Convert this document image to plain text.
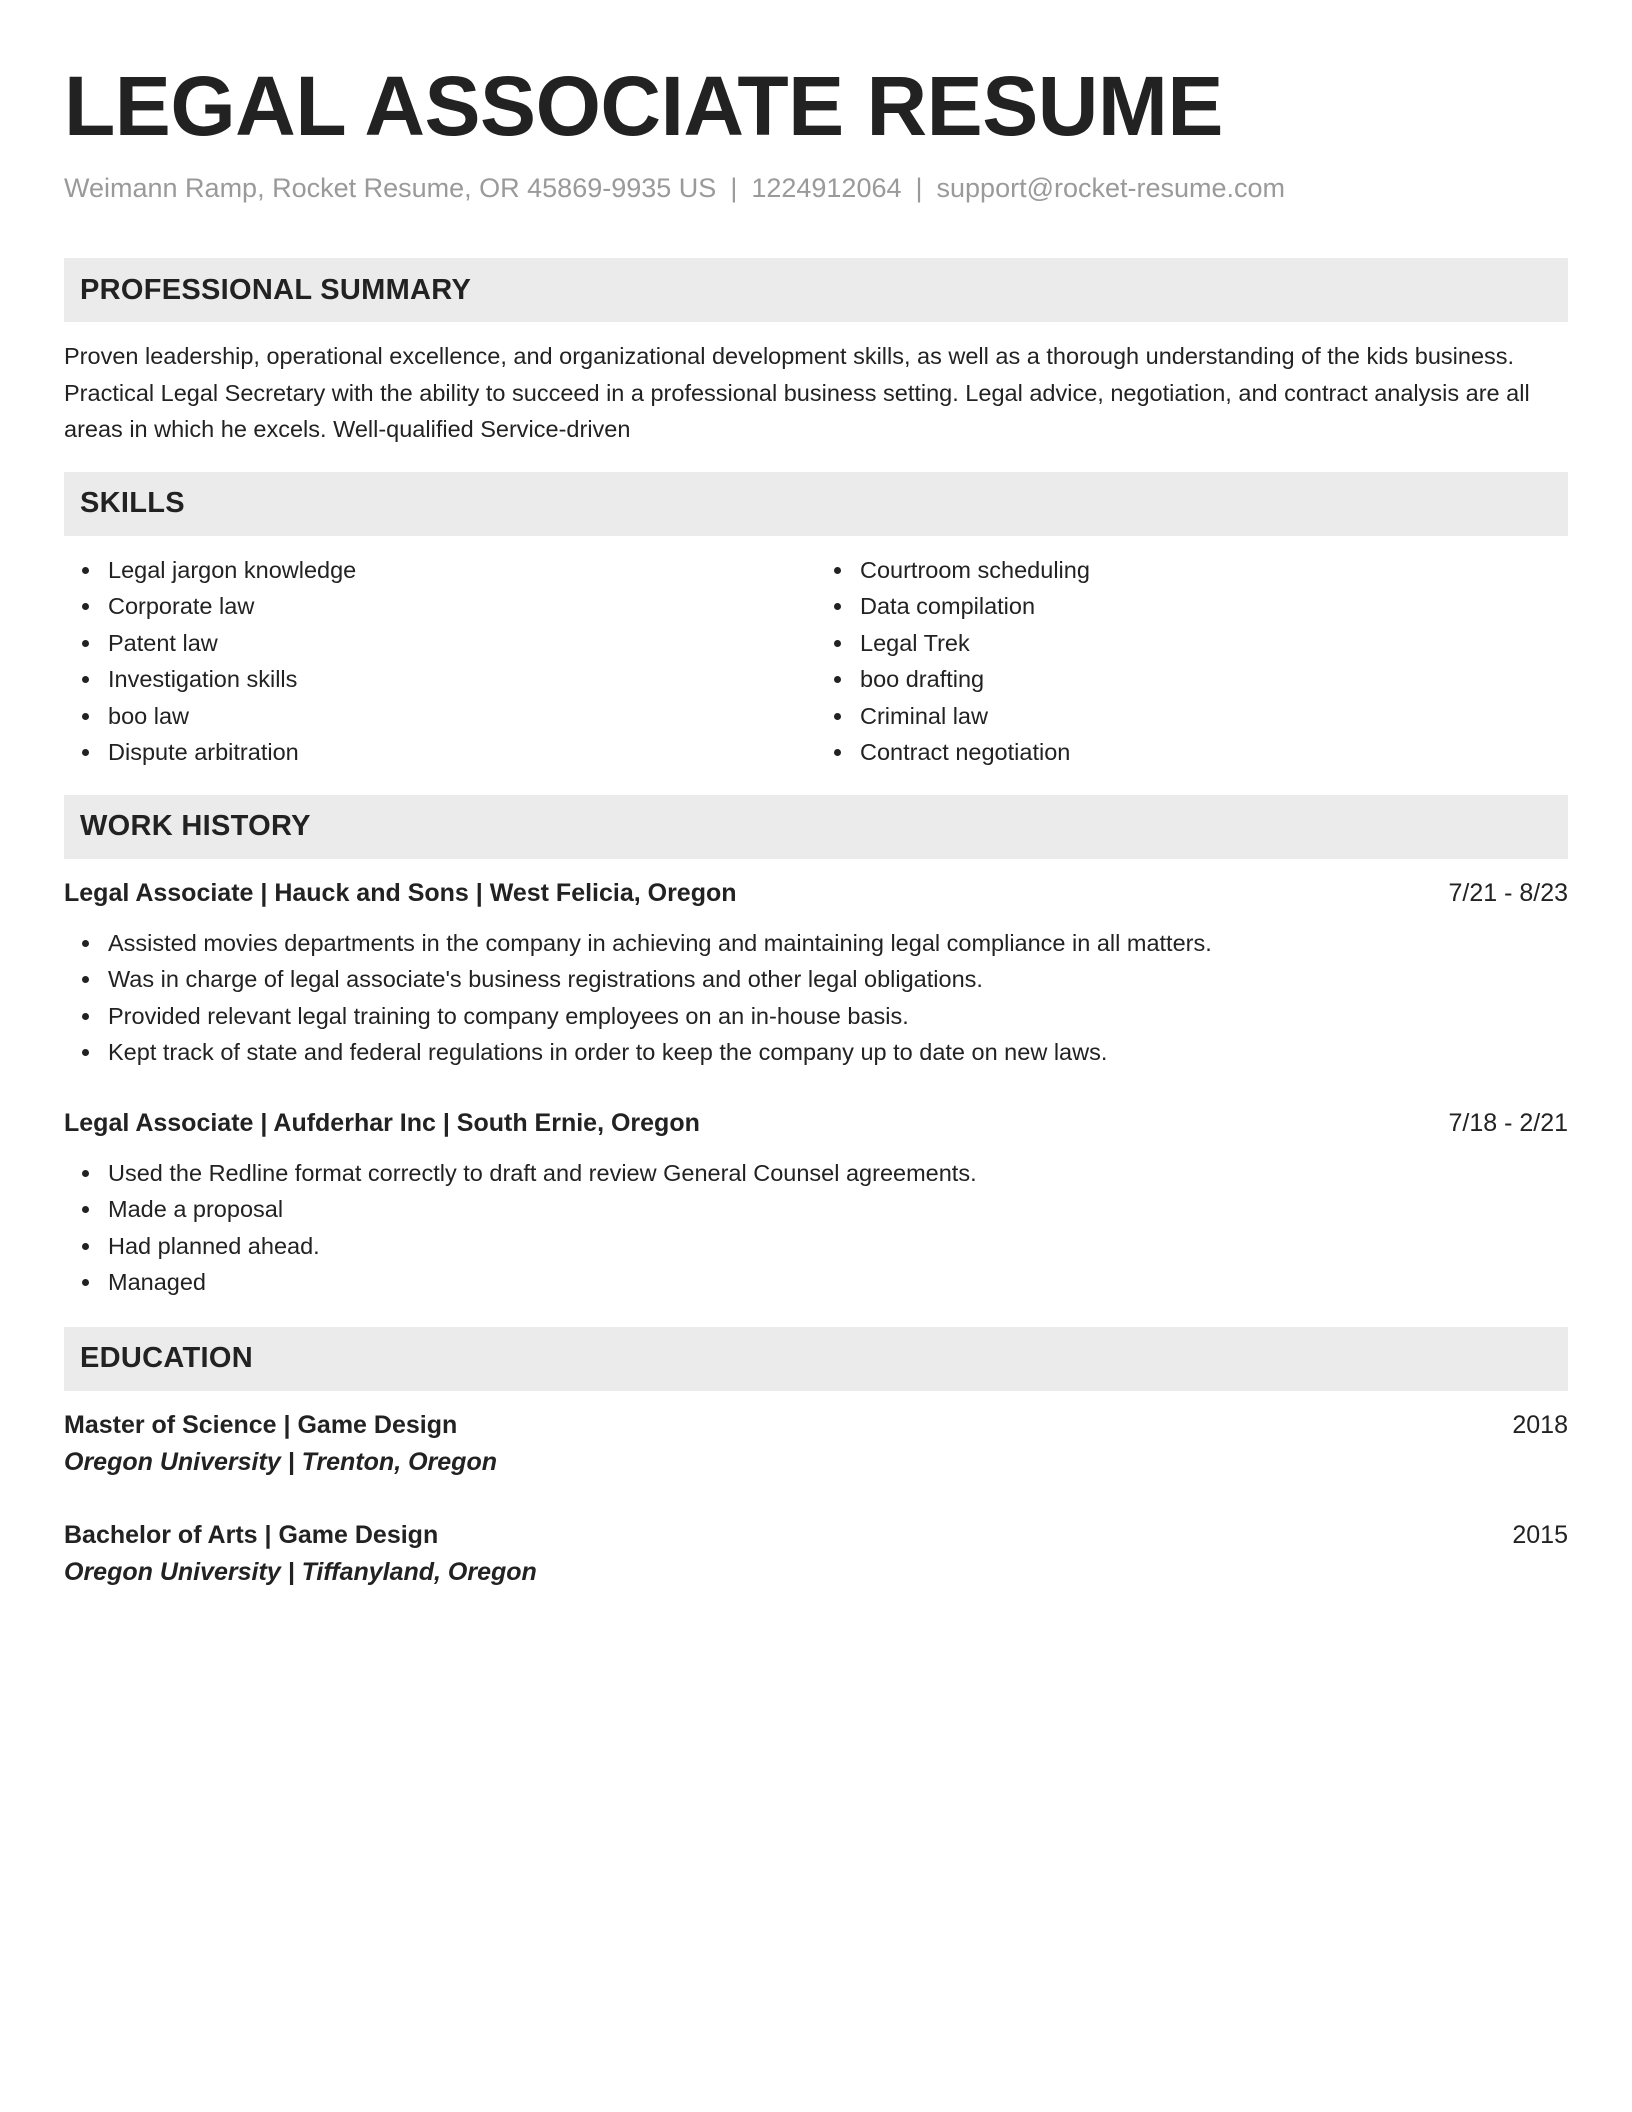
LEGAL ASSOCIATE RESUME
Weimann Ramp, Rocket Resume, OR 45869-9935 US | 1224912064 | support@rocket-resume.com
PROFESSIONAL SUMMARY

Proven leadership, operational excellence, and organizational development skills, as well as a thorough understanding of the kids business. Practical Legal Secretary with the ability to succeed in a professional business setting. Legal advice, negotiation, and contract analysis are all areas in which he excels. Well-qualified Service-driven

SKILLS
Legal jargon knowledge
Corporate law
Patent law
Investigation skills
boo law
Dispute arbitration
Courtroom scheduling
Data compilation
Legal Trek
boo drafting
Criminal law
Contract negotiation
WORK HISTORY
Legal Associate | Hauck and Sons | West Felicia, Oregon	7/21 - 8/23
Assisted movies departments in the company in achieving and maintaining legal compliance in all matters.
Was in charge of legal associate's business registrations and other legal obligations.
Provided relevant legal training to company employees on an in-house basis.
Kept track of state and federal regulations in order to keep the company up to date on new laws.
Legal Associate | Aufderhar Inc | South Ernie, Oregon	7/18 - 2/21
Used the Redline format correctly to draft and review General Counsel agreements.
Made a proposal
Had planned ahead.
Managed
EDUCATION
Master of Science | Game Design	2018
Oregon University | Trenton, Oregon
Bachelor of Arts | Game Design	2015
Oregon University | Tiffanyland, Oregon
